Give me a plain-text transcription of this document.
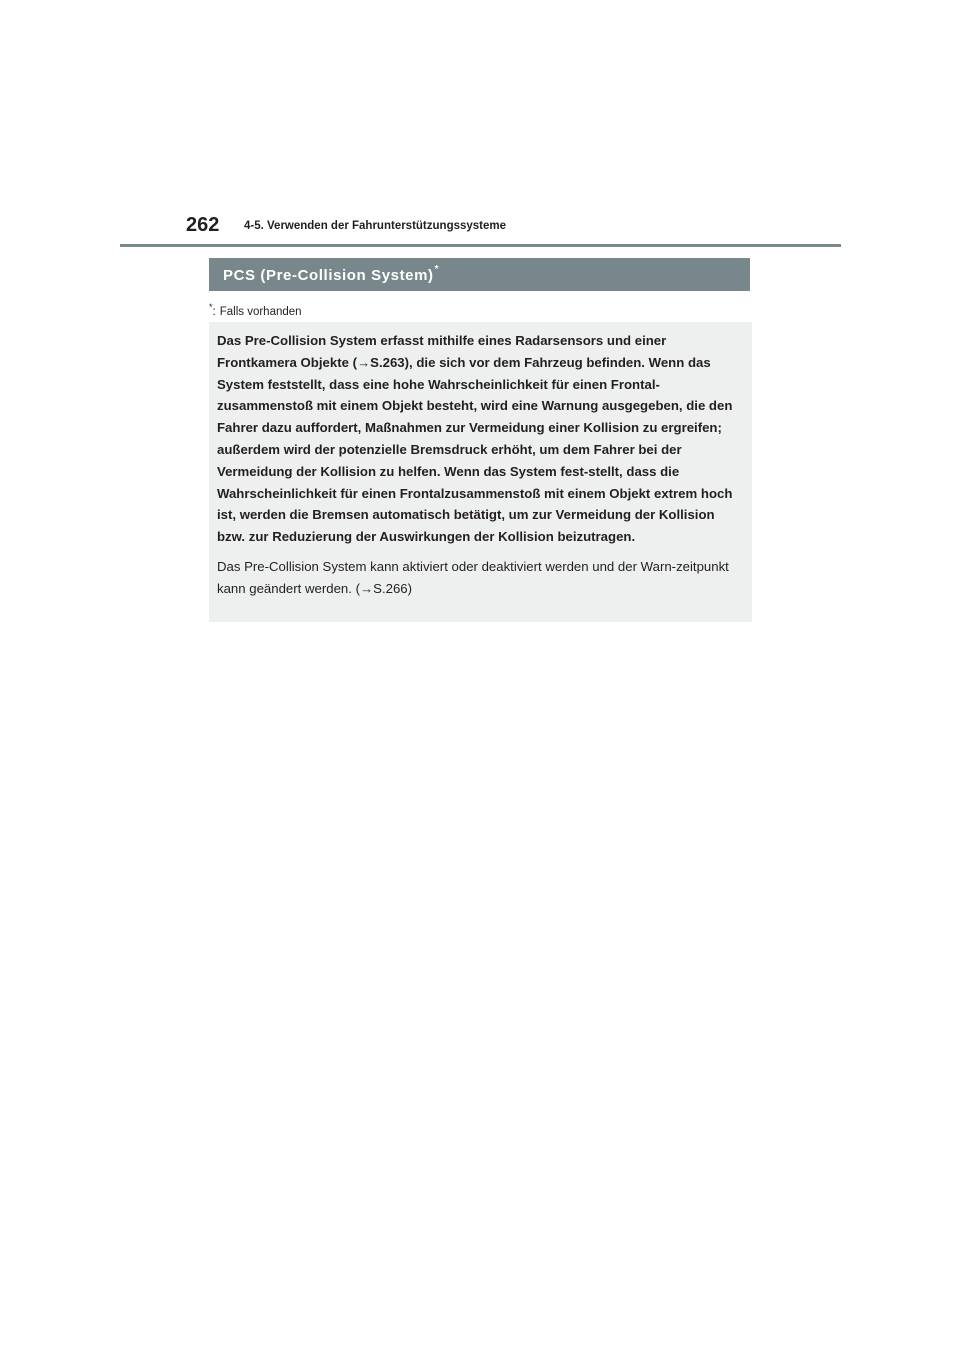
262 4-5. Verwenden der Fahrunterstützungssysteme
PCS (Pre-Collision System)*
*: Falls vorhanden

Das Pre-Collision System erfasst mithilfe eines Radarsensors und einer Frontkamera Objekte (→S.263), die sich vor dem Fahrzeug befinden. Wenn das System feststellt, dass eine hohe Wahrscheinlichkeit für einen Frontal-zusammenstoß mit einem Objekt besteht, wird eine Warnung ausgegeben, die den Fahrer dazu auffordert, Maßnahmen zur Vermeidung einer Kollision zu ergreifen; außerdem wird der potenzielle Bremsdruck erhöht, um dem Fahrer bei der Vermeidung der Kollision zu helfen. Wenn das System fest-stellt, dass die Wahrscheinlichkeit für einen Frontalzusammenstoß mit einem Objekt extrem hoch ist, werden die Bremsen automatisch betätigt, um zur Vermeidung der Kollision bzw. zur Reduzierung der Auswirkungen der Kollision beizutragen.

Das Pre-Collision System kann aktiviert oder deaktiviert werden und der Warn-zeitpunkt kann geändert werden. (→S.266)
